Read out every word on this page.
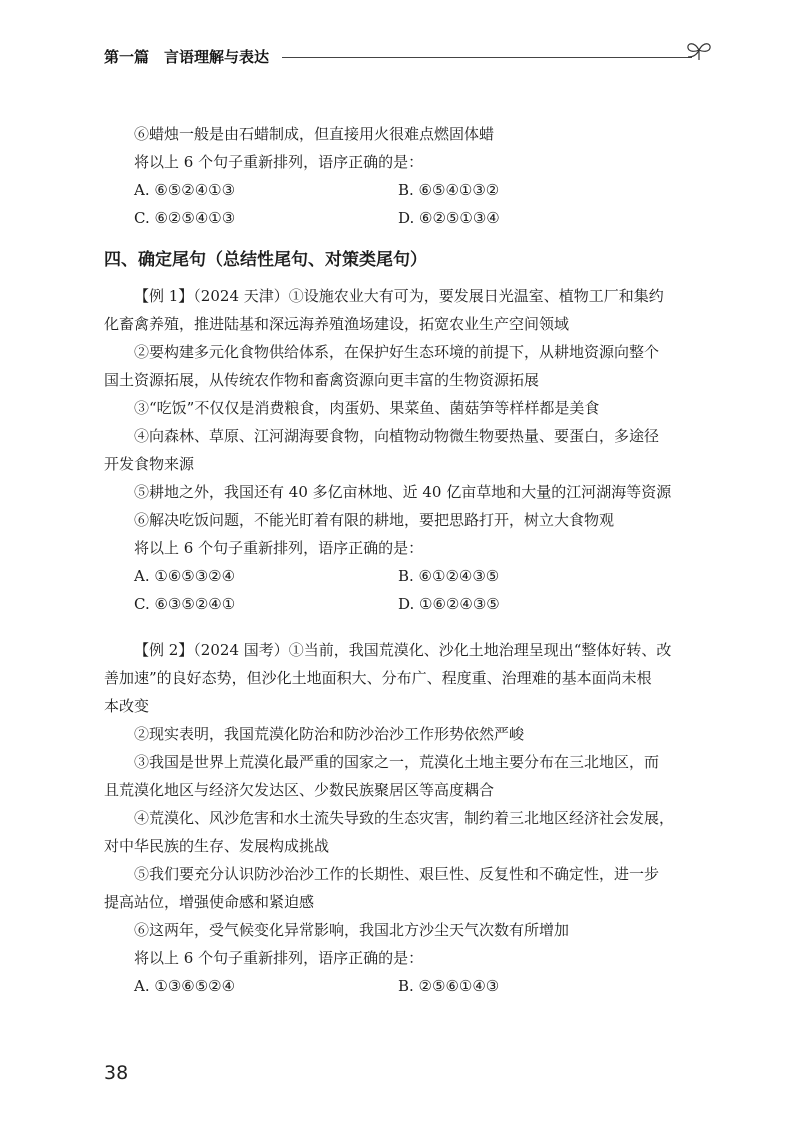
第一篇　言语理解与表达
⑥蜡烛一般是由石蜡制成，但直接用火很难点燃固体蜡
将以上 6 个句子重新排列，语序正确的是：
A. ⑥⑤②④①③	B. ⑥⑤④①③②
C. ⑥②⑤④①③	D. ⑥②⑤①③④
四、确定尾句（总结性尾句、对策类尾句）
【例 1】（2024 天津）①设施农业大有可为，要发展日光温室、植物工厂和集约
化畜禽养殖，推进陆基和深远海养殖渔场建设，拓宽农业生产空间领域
②要构建多元化食物供给体系，在保护好生态环境的前提下，从耕地资源向整个
国土资源拓展，从传统农作物和畜禽资源向更丰富的生物资源拓展
③“吃饭”不仅仅是消费粮食，肉蛋奶、果菜鱼、菌菇笋等样样都是美食
④向森林、草原、江河湖海要食物，向植物动物微生物要热量、要蛋白，多途径
开发食物来源
⑤耕地之外，我国还有 40 多亿亩林地、近 40 亿亩草地和大量的江河湖海等资源
⑥解决吃饭问题，不能光盯着有限的耕地，要把思路打开，树立大食物观
将以上 6 个句子重新排列，语序正确的是：
A. ①⑥⑤③②④	B. ⑥①②④③⑤
C. ⑥③⑤②④①	D. ①⑥②④③⑤
【例 2】（2024 国考）①当前，我国荒漠化、沙化土地治理呈现出“整体好转、改
善加速”的良好态势，但沙化土地面积大、分布广、程度重、治理难的基本面尚未根
本改变
②现实表明，我国荒漠化防治和防沙治沙工作形势依然严峻
③我国是世界上荒漠化最严重的国家之一，荒漠化土地主要分布在三北地区，而
且荒漠化地区与经济欠发达区、少数民族聚居区等高度耦合
④荒漠化、风沙危害和水土流失导致的生态灾害，制约着三北地区经济社会发展，
对中华民族的生存、发展构成挑战
⑤我们要充分认识防沙治沙工作的长期性、艰巨性、反复性和不确定性，进一步
提高站位，增强使命感和紧迫感
⑥这两年，受气候变化异常影响，我国北方沙尘天气次数有所增加
将以上 6 个句子重新排列，语序正确的是：
A. ①③⑥⑤②④	B. ②⑤⑥①④③
38
